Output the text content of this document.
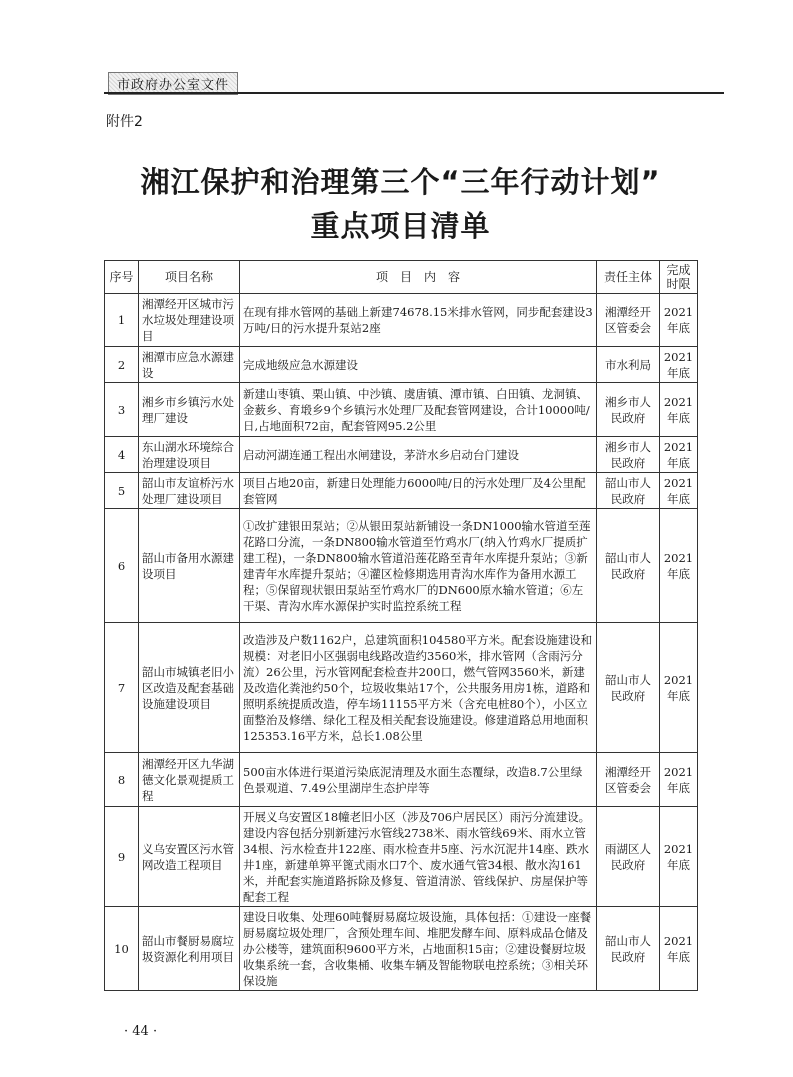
市政府办公室文件
附件2
湘江保护和治理第三个“三年行动计划”
重点项目清单
序号	项目名称	项　目　内　容	责任主体	完成时限
1	湘潭经开区城市污水垃圾处理建设项目	在现有排水管网的基础上新建74678.15米排水管网，同步配套建设3万吨/日的污水提升泵站2座	湘潭经开区管委会	2021年底
2	湘潭市应急水源建设	完成地级应急水源建设	市水利局	2021年底
3	湘乡市乡镇污水处理厂建设	新建山枣镇、栗山镇、中沙镇、虞唐镇、潭市镇、白田镇、龙洞镇、金薮乡、育塅乡9个乡镇污水处理厂及配套管网建设，合计10000吨/日,占地面积72亩，配套管网95.2公里	湘乡市人民政府	2021年底
4	东山湖水环境综合治理建设项目	启动河湖连通工程出水闸建设，茅浒水乡启动台门建设	湘乡市人民政府	2021年底
5	韶山市友谊桥污水处理厂建设项目	项目占地20亩，新建日处理能力6000吨/日的污水处理厂及4公里配套管网	韶山市人民政府	2021年底
6	韶山市备用水源建设项目	①改扩建银田泵站；②从银田泵站新铺设一条DN1000输水管道至莲花路口分流，一条DN800输水管道至竹鸡水厂(纳入竹鸡水厂提质扩建工程)，一条DN800输水管道沿莲花路至青年水库提升泵站；③新建青年水库提升泵站；④灌区检修期选用青沟水库作为备用水源工程；⑤保留现状银田泵站至竹鸡水厂的DN600原水输水管道；⑥左干渠、青沟水库水源保护实时监控系统工程	韶山市人民政府	2021年底
7	韶山市城镇老旧小区改造及配套基础设施建设项目	改造涉及户数1162户，总建筑面积104580平方米。配套设施建设和规模：对老旧小区强弱电线路改造约3560米，排水管网（含雨污分流）26公里，污水管网配套检查井200口，燃气管网3560米，新建及改造化粪池约50个，垃圾收集站17个，公共服务用房1栋，道路和照明系统提质改造，停车场11155平方米（含充电桩80个），小区立面整治及修缮、绿化工程及相关配套设施建设。修建道路总用地面积125353.16平方米，总长1.08公里	韶山市人民政府	2021年底
8	湘潭经开区九华湖德文化景观提质工程	500亩水体进行渠道污染底泥清理及水面生态覆绿，改造8.7公里绿色景观道、7.49公里湖岸生态护岸等	湘潭经开区管委会	2021年底
9	义乌安置区污水管网改造工程项目	开展义乌安置区18幢老旧小区（涉及706户居民区）雨污分流建设。建设内容包括分别新建污水管线2738米、雨水管线69米、雨水立管34根、污水检查井122座、雨水检查井5座、污水沉泥井14座、跌水井1座，新建单箅平篦式雨水口7个、废水通气管34根、散水沟161米，并配套实施道路拆除及修复、管道清淤、管线保护、房屋保护等配套工程	雨湖区人民政府	2021年底
10	韶山市餐厨易腐垃圾资源化利用项目	建设日收集、处理60吨餐厨易腐垃圾设施，具体包括：①建设一座餐厨易腐垃圾处理厂，含预处理车间、堆肥发酵车间、原料成品仓储及办公楼等，建筑面积9600平方米，占地面积15亩；②建设餐厨垃圾收集系统一套，含收集桶、收集车辆及智能物联电控系统；③相关环保设施	韶山市人民政府	2021年底
· 44 ·
